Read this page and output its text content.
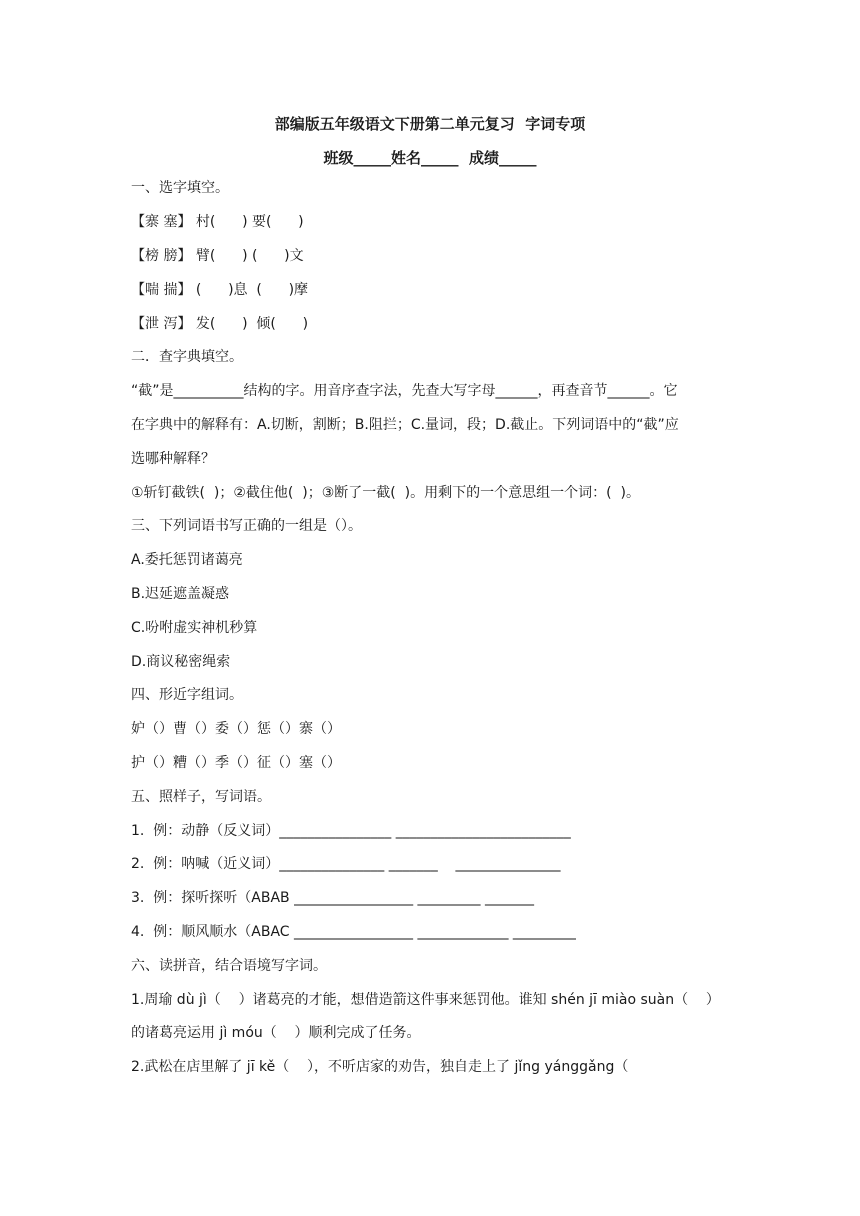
部编版五年级语文下册第二单元复习  字词专项
班级_____姓名_____  成绩_____
一、选字填空。
【寨 塞】 村(      ) 要(      )
【榜 膀】 臂(      ) (      )文
【喘 揣】 (      )息  (      )摩
【泄 泻】 发(      )  倾(      )
二．查字典填空。
“截”是__________结构的字。用音序查字法，先查大写字母______，再查音节______。它
在字典中的解释有：A.切断，割断；B.阻拦；C.量词，段；D.截止。下列词语中的“截”应
选哪种解释？
①斩钉截铁(  )；②截住他(  )；③断了一截(  )。用剩下的一个意思组一个词：(  )。
三、下列词语书写正确的一组是（）。
A.委托惩罚诸蔼亮
B.迟延遮盖凝惑
C.吩咐虚实神机秒算
D.商议秘密绳索
四、形近字组词。
妒（）曹（）委（）惩（）寨（）
护（）糟（）季（）征（）塞（）
五、照样子，写词语。
1.  例：动静（反义词）________________ _________________________
2.  例：呐喊（近义词）_______________ _______    _______________
3.  例：探听探听（ABAB _________________ _________ _______
4.  例：顺风顺水（ABAC _________________ _____________ _________
六、读拼音，结合语境写字词。
1.周瑜 dù jì（    ）诸葛亮的才能，想借造箭这件事来惩罚他。谁知 shén jī miào suàn（    ）
的诸葛亮运用 jì móu（    ）顺利完成了任务。
2.武松在店里解了 jī kě（    ），不听店家的劝告，独自走上了 jǐng yánggǎng（
